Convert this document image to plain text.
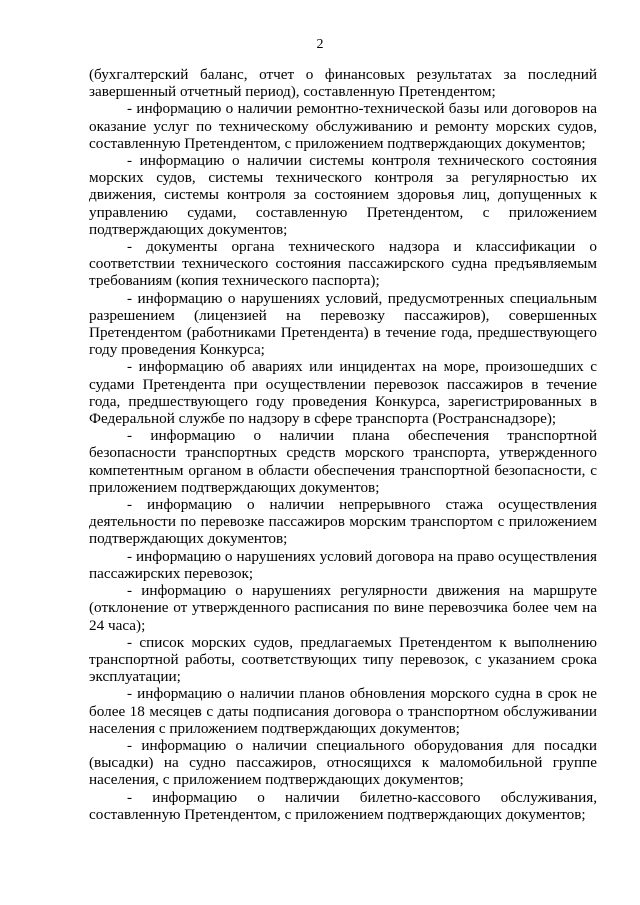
2

(бухгалтерский баланс, отчет о финансовых результатах за последний завершенный отчетный период), составленную Претендентом;

- информацию о наличии ремонтно-технической базы или договоров на оказание услуг по техническому обслуживанию и ремонту морских судов, составленную Претендентом, с приложением подтверждающих документов;

- информацию о наличии системы контроля технического состояния морских судов, системы технического контроля за регулярностью их движения, системы контроля за состоянием здоровья лиц, допущенных к управлению судами, составленную Претендентом, с приложением подтверждающих документов;

- документы органа технического надзора и классификации о соответствии технического состояния пассажирского судна предъявляемым требованиям (копия технического паспорта);

- информацию о нарушениях условий, предусмотренных специальным разрешением (лицензией на перевозку пассажиров), совершенных Претендентом (работниками Претендента) в течение года, предшествующего году проведения Конкурса;

- информацию об авариях или инцидентах на море, произошедших с судами Претендента при осуществлении перевозок пассажиров в течение года, предшествующего году проведения Конкурса, зарегистрированных в Федеральной службе по надзору в сфере транспорта (Ространснадзоре);

- информацию о наличии плана обеспечения транспортной безопасности транспортных средств морского транспорта, утвержденного компетентным органом в области обеспечения транспортной безопасности, с приложением подтверждающих документов;

- информацию о наличии непрерывного стажа осуществления деятельности по перевозке пассажиров морским транспортом с приложением подтверждающих документов;

- информацию о нарушениях условий договора на право осуществления пассажирских перевозок;

- информацию о нарушениях регулярности движения на маршруте (отклонение от утвержденного расписания по вине перевозчика более чем на 24 часа);

- список морских судов, предлагаемых Претендентом к выполнению транспортной работы, соответствующих типу перевозок, с указанием срока эксплуатации;

- информацию о наличии планов обновления морского судна в срок не более 18 месяцев с даты подписания договора о транспортном обслуживании населения с приложением подтверждающих документов;

- информацию о наличии специального оборудования для посадки (высадки) на судно пассажиров, относящихся к маломобильной группе населения, с приложением подтверждающих документов;

- информацию о наличии билетно-кассового обслуживания, составленную Претендентом, с приложением подтверждающих документов;
